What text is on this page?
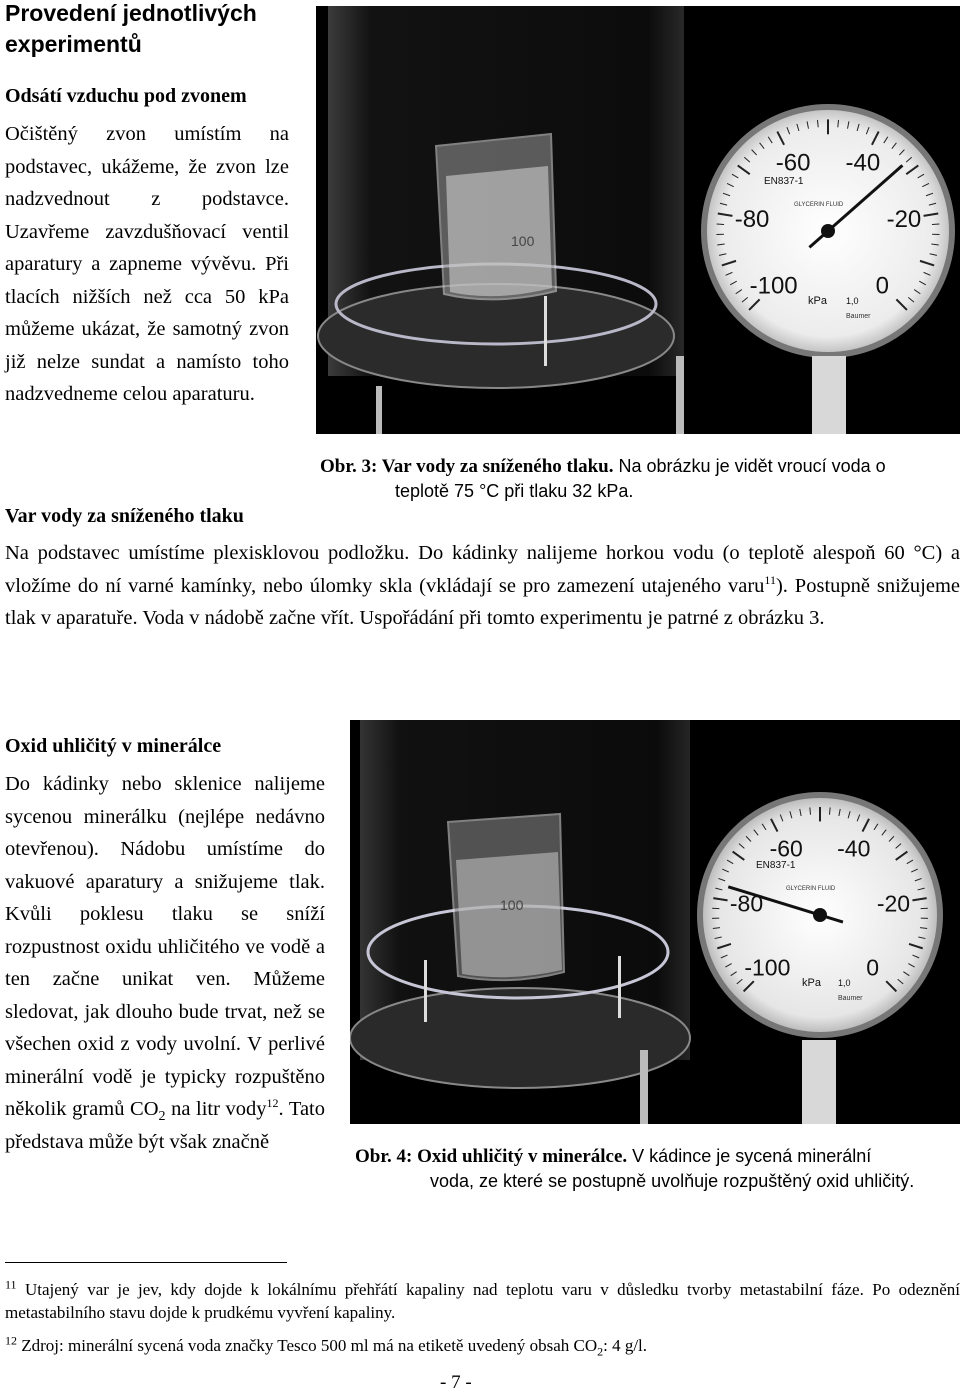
Provedení jednotlivých experimentů
Odsátí vzduchu pod zvonem

Očištěný zvon umístím na podstavec, ukážeme, že zvon lze nadzvednout z podstavce. Uzavřeme zavzdušňovací ventil aparatury a zapneme vývěvu. Při tlacích nižších než cca 50 kPa můžeme ukázat, že samotný zvon již nelze sundat a namísto toho nadzvedneme celou aparaturu.

Var vody za sníženého tlaku
100
0
-20
-40
-60
-80
-100
EN837-1
GLYCERIN FLUID
kPa 1,0
Baumer
Obr. 3: Var vody za sníženého tlaku. Na obrázku je vidět vroucí voda o
teplotě 75 °C při tlaku 32 kPa.

Na podstavec umístíme plexisklovou podložku. Do kádinky nalijeme horkou vodu (o teplotě alespoň 60 °C) a vložíme do ní varné kamínky, nebo úlomky skla (vkládají se pro zamezení utajeného varu$^{11}$). Postupně snižujeme tlak v aparatuře. Voda v nádobě začne vřít. Uspořádání při tomto experimentu je patrné z obrázku 3.

Oxid uhličitý v minerálce

Do kádinky nebo sklenice nalijeme sycenou minerálku (nejlépe nedávno otevřenou). Nádobu umístíme do vakuové aparatury a snižujeme tlak. Kvůli poklesu tlaku se sníží rozpustnost oxidu uhličitého ve vodě a ten začne unikat ven. Můžeme sledovat, jak dlouho bude trvat, než se všechen oxid z vody uvolní. V perlivé minerální vodě je typicky rozpuštěno několik gramů $CO_2$ na litr vody$^{12}$. Tato představa může být však značně

100
0
-20
-40
-60
-80
-100
EN837-1
GLYCERIN FLUID
kPa 1,0
Baumer
Obr. 4: Oxid uhličitý v minerálce. V kádince je sycená minerální
voda, ze které se postupně uvolňuje rozpuštěný oxid uhličitý.

$^{11}$ Utajený var je jev, kdy dojde k lokálnímu přehřátí kapaliny nad teplotu varu v důsledku tvorby metastabilní fáze. Po odeznění metastabilního stavu dojde k prudkému vyvření kapaliny.

$^{12}$ Zdroj: minerální sycená voda značky Tesco 500 ml má na etiketě uvedený obsah $CO_2$: 4 g/l.

- 7 -
